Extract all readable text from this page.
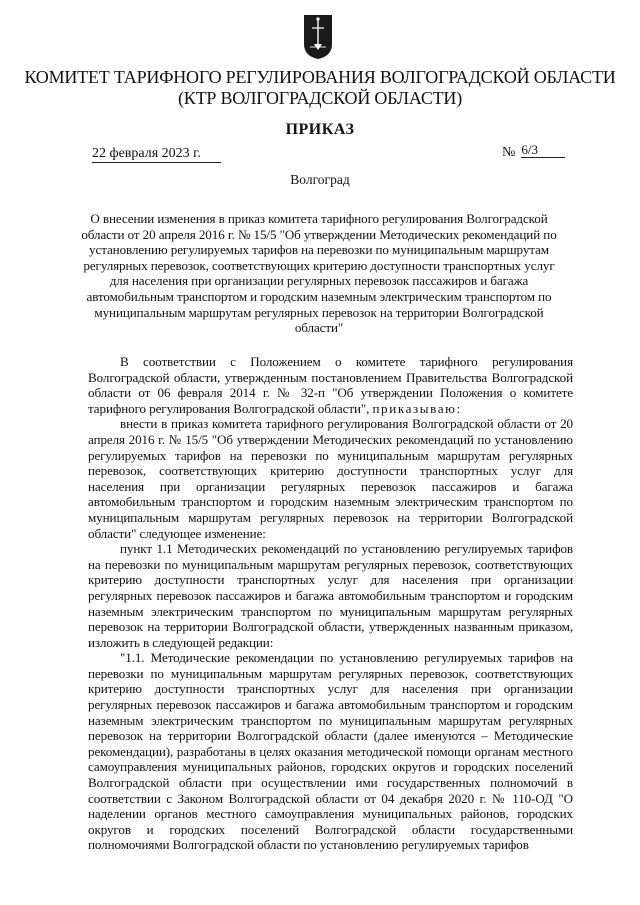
КОМИТЕТ ТАРИФНОГО РЕГУЛИРОВАНИЯ ВОЛГОГРАДСКОЙ ОБЛАСТИ
(КТР ВОЛГОГРАДСКОЙ ОБЛАСТИ)
ПРИКАЗ
22 февраля 2023 г.	№ 6/3
Волгоград
О внесении изменения в приказ комитета тарифного регулирования Волгоградской области от 20 апреля 2016 г. № 15/5 "Об утверждении Методических рекомендаций по установлению регулируемых тарифов на перевозки по муниципальным маршрутам регулярных перевозок, соответствующих критерию доступности транспортных услуг для населения при организации регулярных перевозок пассажиров и багажа автомобильным транспортом и городским наземным электрическим транспортом по муниципальным маршрутам регулярных перевозок на территории Волгоградской области"

В соответствии с Положением о комитете тарифного регулирования Волгоградской области, утвержденным постановлением Правительства Волгоградской области от 06 февраля 2014 г. № 32-п "Об утверждении Положения о комитете тарифного регулирования Волгоградской области", приказываю:

внести в приказ комитета тарифного регулирования Волгоградской области от 20 апреля 2016 г. № 15/5 "Об утверждении Методических рекомендаций по установлению регулируемых тарифов на перевозки по муниципальным маршрутам регулярных перевозок, соответствующих критерию доступности транспортных услуг для населения при организации регулярных перевозок пассажиров и багажа автомобильным транспортом и городским наземным электрическим транспортом по муниципальным маршрутам регулярных перевозок на территории Волгоградской области" следующее изменение:

пункт 1.1 Методических рекомендаций по установлению регулируемых тарифов на перевозки по муниципальным маршрутам регулярных перевозок, соответствующих критерию доступности транспортных услуг для населения при организации регулярных перевозок пассажиров и багажа автомобильным транспортом и городским наземным электрическим транспортом по муниципальным маршрутам регулярных перевозок на территории Волгоградской области, утвержденных названным приказом, изложить в следующей редакции:

"1.1. Методические рекомендации по установлению регулируемых тарифов на перевозки по муниципальным маршрутам регулярных перевозок, соответствующих критерию доступности транспортных услуг для населения при организации регулярных перевозок пассажиров и багажа автомобильным транспортом и городским наземным электрическим транспортом по муниципальным маршрутам регулярных перевозок на территории Волгоградской области (далее именуются – Методические рекомендации), разработаны в целях оказания методической помощи органам местного самоуправления муниципальных районов, городских округов и городских поселений Волгоградской области при осуществлении ими государственных полномочий в соответствии с Законом Волгоградской области от 04 декабря 2020 г. № 110-ОД "О наделении органов местного самоуправления муниципальных районов, городских округов и городских поселений Волгоградской области государственными полномочиями Волгоградской области по установлению регулируемых тарифов
